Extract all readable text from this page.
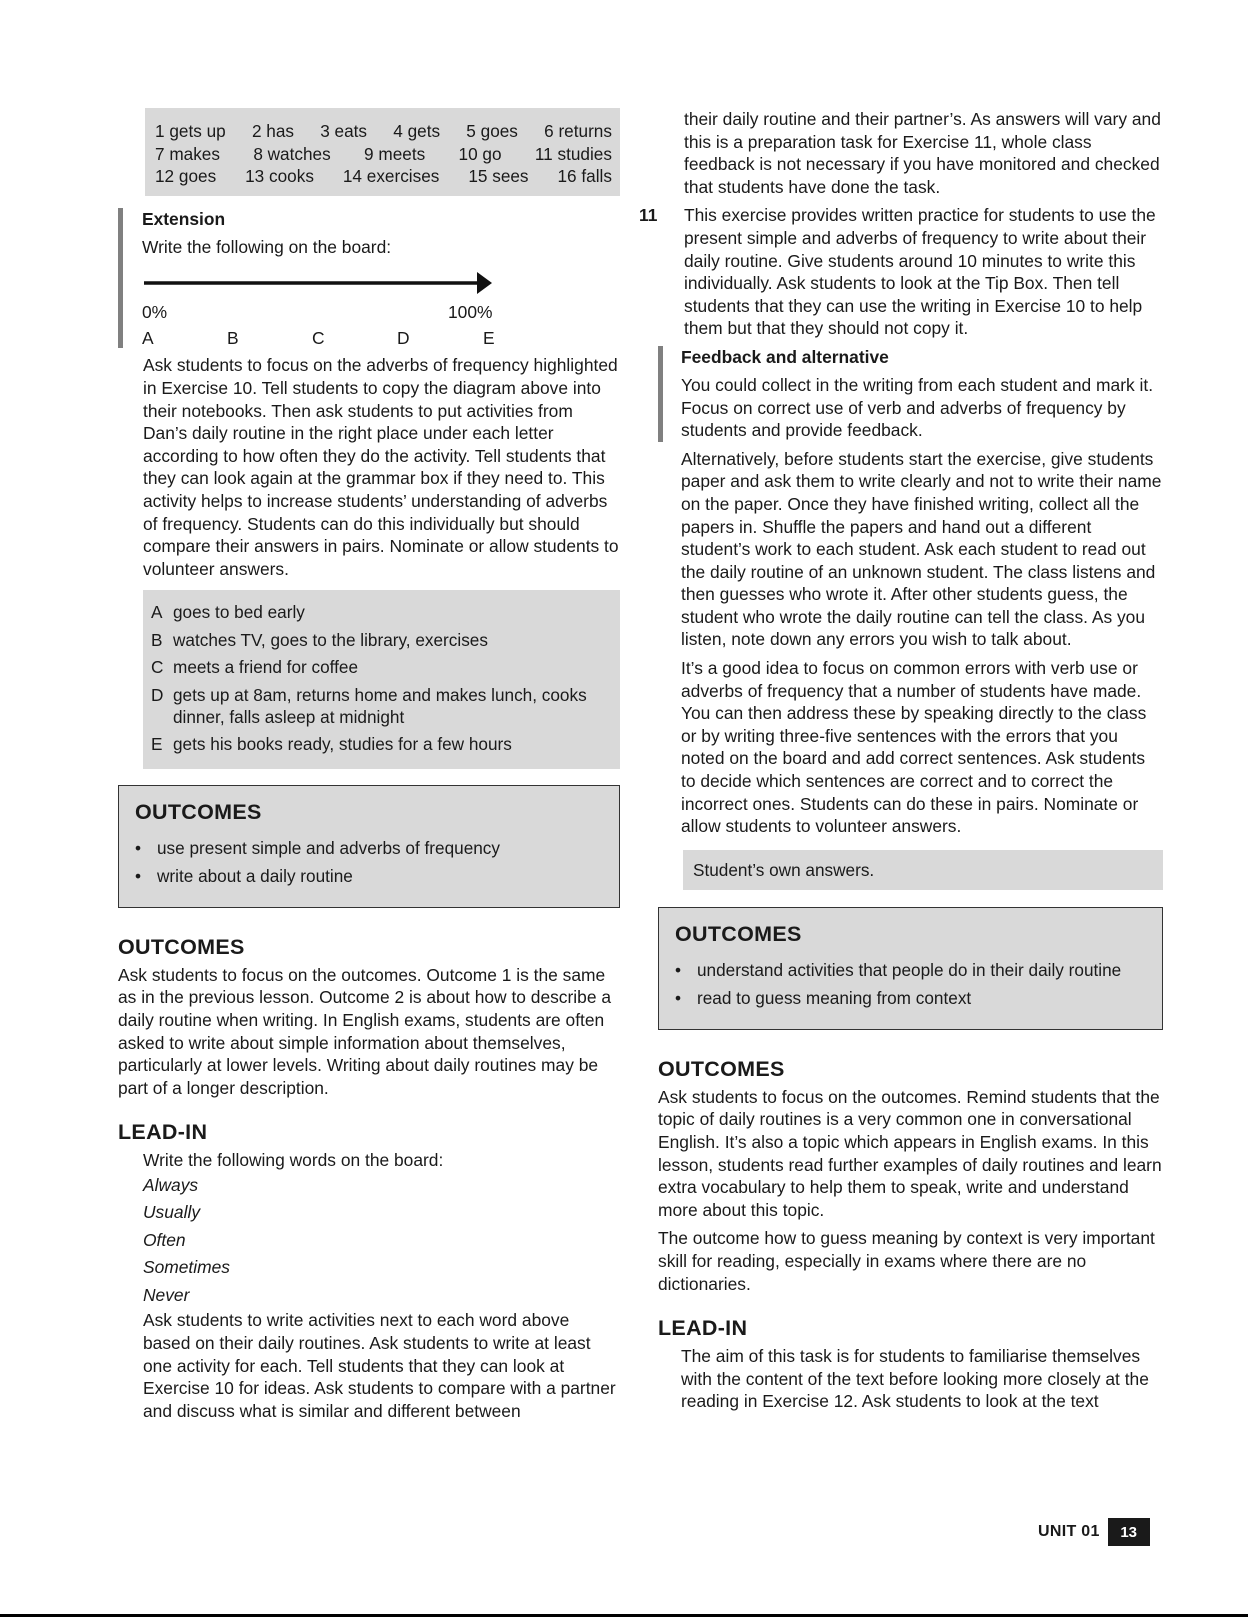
1 gets up 2 has 3 eats 4 gets 5 goes 6 returns
7 makes 8 watches 9 meets 10 go 11 studies
12 goes 13 cooks 14 exercises 15 sees 16 falls
Extension

Write the following on the board:

0%	100%
A	B	C	D	E

Ask students to focus on the adverbs of frequency highlighted in Exercise 10. Tell students to copy the diagram above into their notebooks. Then ask students to put activities from Dan’s daily routine in the right place under each letter according to how often they do the activity. Tell students that they can look again at the grammar box if they need to. This activity helps to increase students’ understanding of adverbs of frequency. Students can do this individually but should compare their answers in pairs. Nominate or allow students to volunteer answers.

A goes to bed early
B watches TV, goes to the library, exercises
C meets a friend for coffee
D gets up at 8am, returns home and makes lunch, cooks dinner, falls asleep at midnight
E gets his books ready, studies for a few hours
OUTCOMES
• use present simple and adverbs of frequency
• write about a daily routine
OUTCOMES

Ask students to focus on the outcomes. Outcome 1 is the same as in the previous lesson. Outcome 2 is about how to describe a daily routine when writing. In English exams, students are often asked to write about simple information about themselves, particularly at lower levels. Writing about daily routines may be part of a longer description.

LEAD-IN

Write the following words on the board:

Always

Usually

Often

Sometimes

Never

Ask students to write activities next to each word above based on their daily routines. Ask students to write at least one activity for each. Tell students that they can look at Exercise 10 for ideas. Ask students to compare with a partner and discuss what is similar and different between

their daily routine and their partner’s. As answers will vary and this is a preparation task for Exercise 11, whole class feedback is not necessary if you have monitored and checked that students have done the task.

11 This exercise provides written practice for students to use the present simple and adverbs of frequency to write about their daily routine. Give students around 10 minutes to write this individually. Ask students to look at the Tip Box. Then tell students that they can use the writing in Exercise 10 to help them but that they should not copy it.

Feedback and alternative

You could collect in the writing from each student and mark it. Focus on correct use of verb and adverbs of frequency by students and provide feedback.

Alternatively, before students start the exercise, give students paper and ask them to write clearly and not to write their name on the paper. Once they have finished writing, collect all the papers in. Shuffle the papers and hand out a different student’s work to each student. Ask each student to read out the daily routine of an unknown student. The class listens and then guesses who wrote it. After other students guess, the student who wrote the daily routine can tell the class. As you listen, note down any errors you wish to talk about.

It’s a good idea to focus on common errors with verb use or adverbs of frequency that a number of students have made. You can then address these by speaking directly to the class or by writing three-five sentences with the errors that you noted on the board and add correct sentences. Ask students to decide which sentences are correct and to correct the incorrect ones. Students can do these in pairs. Nominate or allow students to volunteer answers.

Student’s own answers.
OUTCOMES
• understand activities that people do in their daily routine
• read to guess meaning from context
OUTCOMES

Ask students to focus on the outcomes. Remind students that the topic of daily routines is a very common one in conversational English. It’s also a topic which appears in English exams. In this lesson, students read further examples of daily routines and learn extra vocabulary to help them to speak, write and understand more about this topic.

The outcome how to guess meaning by context is very important skill for reading, especially in exams where there are no dictionaries.

LEAD-IN

The aim of this task is for students to familiarise themselves with the content of the text before looking more closely at the reading in Exercise 12. Ask students to look at the text

UNIT 01	13
